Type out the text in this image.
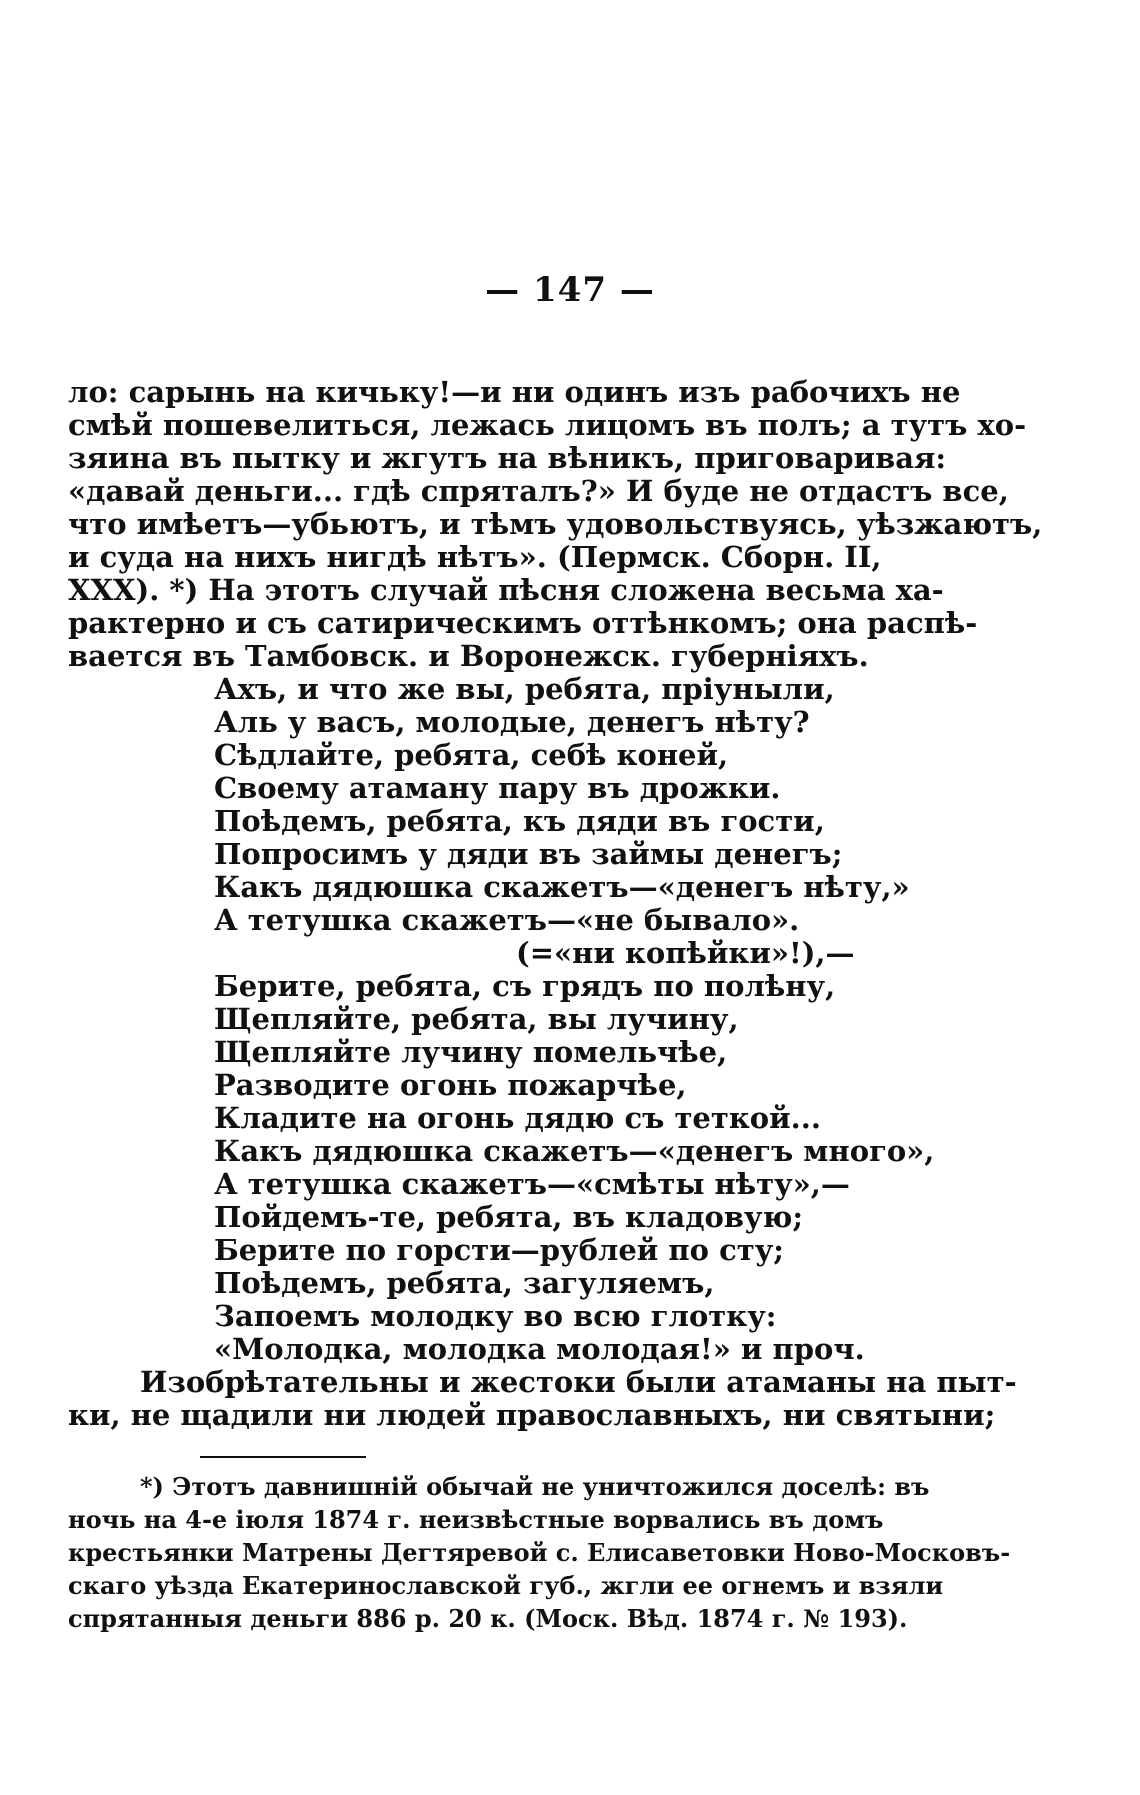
— 147 —
ло: сарынь на кичьку!—и ни одинъ изъ рабочихъ не
смѣй пошевелиться, лежась лицомъ въ полъ; а тутъ хо-
зяина въ пытку и жгутъ на вѣникъ, приговаривая:
«давай деньги... гдѣ спряталъ?» И буде не отдастъ все,
что имѣетъ—убьютъ, и тѣмъ удовольствуясь, уѣзжаютъ,
и суда на нихъ нигдѣ нѣтъ». (Пермск. Сборн. II,
XXX). *) На этотъ случай пѣсня сложена весьма ха-
рактерно и съ сатирическимъ оттѣнкомъ; она распѣ-
вается въ Тамбовск. и Воронежск. губерніяхъ.
Ахъ, и что же вы, ребята, пріуныли,
Аль у васъ, молодые, денегъ нѣту?
Сѣдлайте, ребята, себѣ коней,
Своему атаману пару въ дрожки.
Поѣдемъ, ребята, къ дяди въ гости,
Попросимъ у дяди въ займы денегъ;
Какъ дядюшка скажетъ—«денегъ нѣту,»
А тетушка скажетъ—«не бывало».
(=«ни копѣйки»!),—
Берите, ребята, съ грядъ по полѣну,
Щепляйте, ребята, вы лучину,
Щепляйте лучину помельчѣе,
Разводите огонь пожарчѣе,
Кладите на огонь дядю съ теткой...
Какъ дядюшка скажетъ—«денегъ много»,
А тетушка скажетъ—«смѣты нѣту»,—
Пойдемъ-те, ребята, въ кладовую;
Берите по горсти—рублей по сту;
Поѣдемъ, ребята, загуляемъ,
Запоемъ молодку во всю глотку:
«Молодка, молодка молодая!» и проч.
Изобрѣтательны и жестоки были атаманы на пыт-
ки, не щадили ни людей православныхъ, ни святыни;
*) Этотъ давнишній обычай не уничтожился доселѣ: въ
ночь на 4-е іюля 1874 г. неизвѣстные ворвались въ домъ
крестьянки Матрены Дегтяревой с. Елисаветовки Ново-Московъ-
скаго уѣзда Екатеринославской губ., жгли ее огнемъ и взяли
спрятанныя деньги 886 р. 20 к. (Моск. Вѣд. 1874 г. № 193).
